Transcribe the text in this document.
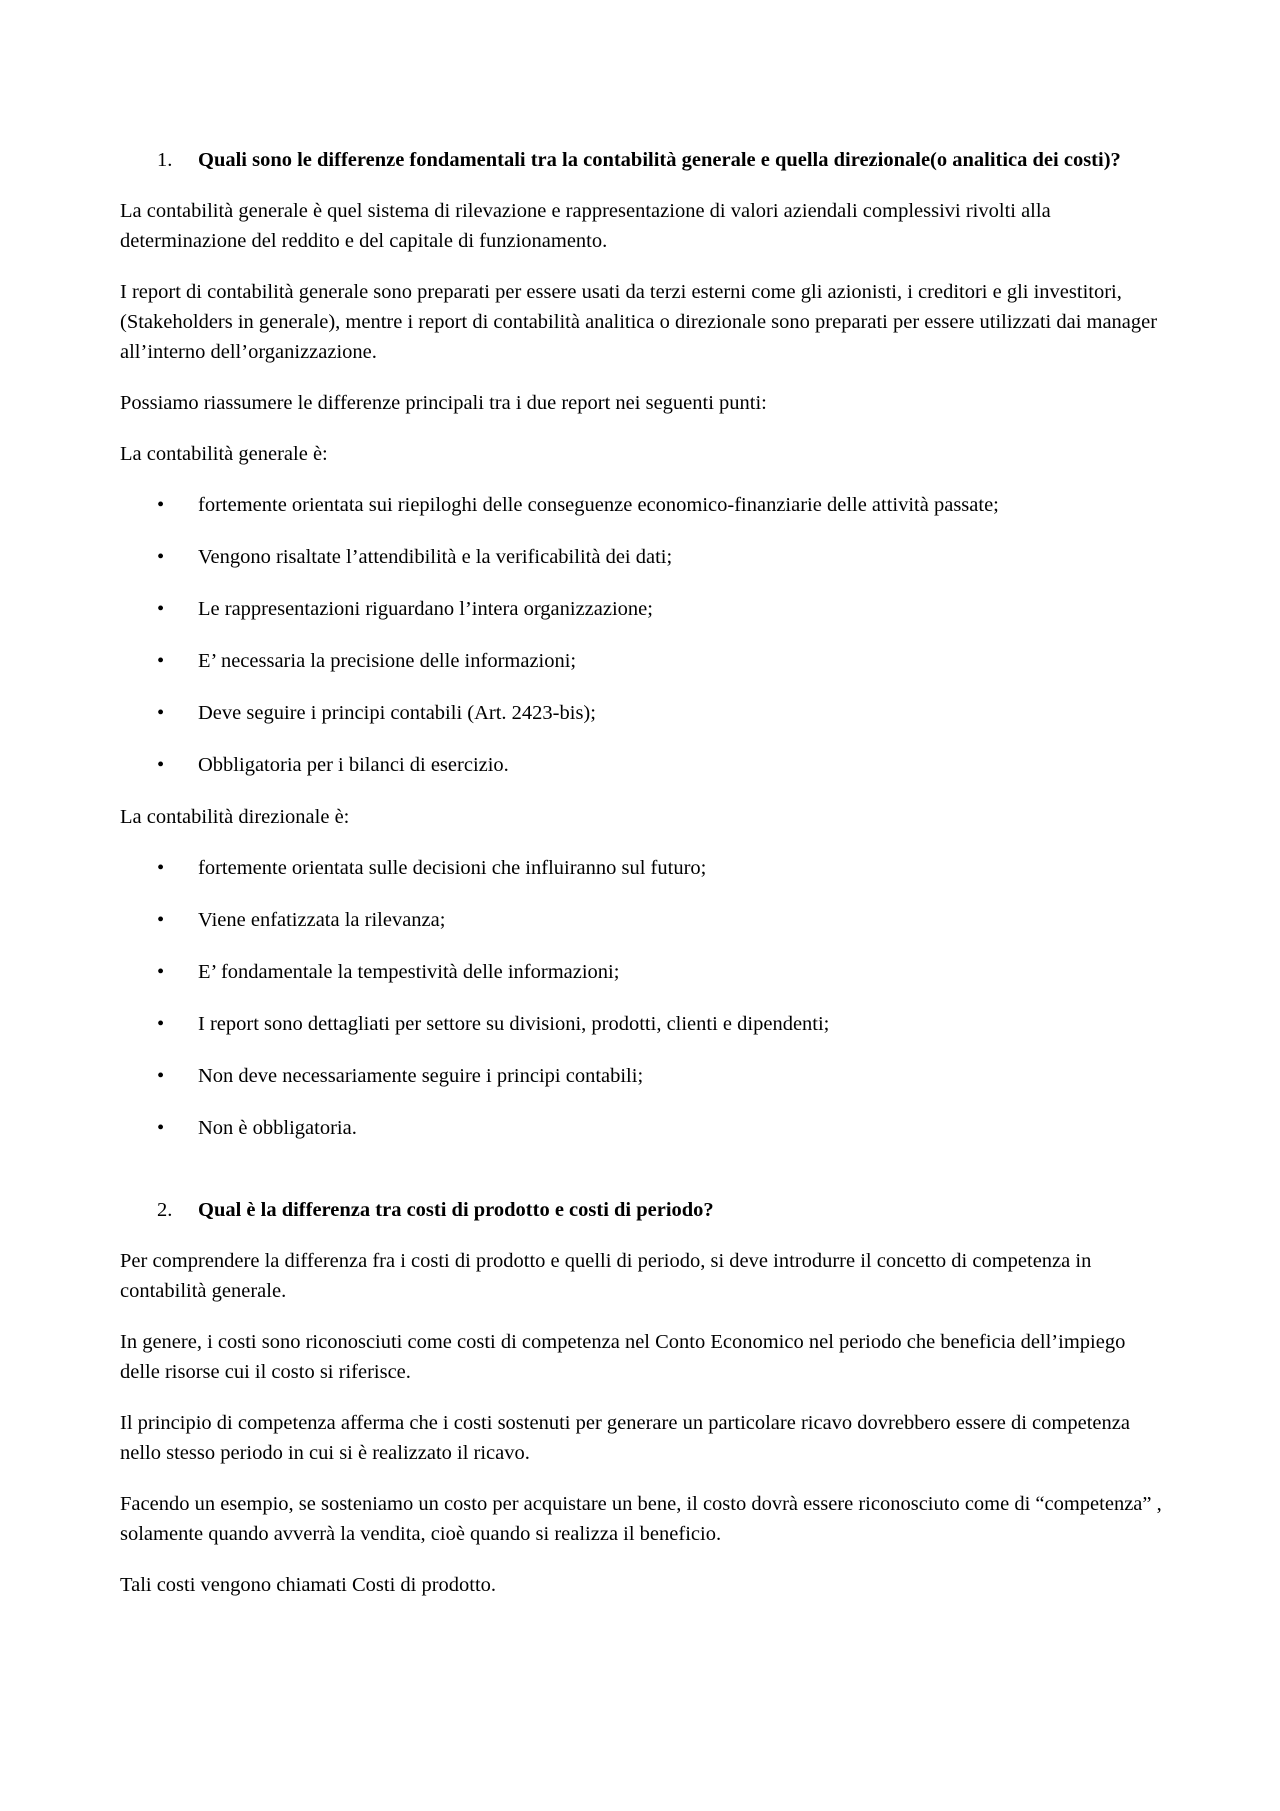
1. Quali sono le differenze fondamentali tra la contabilità generale e quella direzionale(o analitica dei costi)?

La contabilità generale è quel sistema di rilevazione e rappresentazione di valori aziendali complessivi rivolti alla determinazione del reddito e del capitale di funzionamento.

I report di contabilità generale sono preparati per essere usati da terzi esterni come gli azionisti, i creditori e gli investitori, (Stakeholders in generale), mentre i report di contabilità analitica o direzionale sono preparati per essere utilizzati dai manager all’interno dell’organizzazione.

Possiamo riassumere le differenze principali tra i due report nei seguenti punti:

La contabilità generale è:

• fortemente orientata sui riepiloghi delle conseguenze economico-finanziarie delle attività passate;
• Vengono risaltate l’attendibilità e la verificabilità dei dati;
• Le rappresentazioni riguardano l’intera organizzazione;
• E’ necessaria la precisione delle informazioni;
• Deve seguire i principi contabili (Art. 2423-bis);
• Obbligatoria per i bilanci di esercizio.

La contabilità direzionale è:

• fortemente orientata sulle decisioni che influiranno sul futuro;
• Viene enfatizzata la rilevanza;
• E’ fondamentale la tempestività delle informazioni;
• I report sono dettagliati per settore su divisioni, prodotti, clienti e dipendenti;
• Non deve necessariamente seguire i principi contabili;
• Non è obbligatoria.
2. Qual è la differenza tra costi di prodotto e costi di periodo?

Per comprendere la differenza fra i costi di prodotto e quelli di periodo, si deve introdurre il concetto di competenza in contabilità generale.

In genere, i costi sono riconosciuti come costi di competenza nel Conto Economico nel periodo che beneficia dell’impiego delle risorse cui il costo si riferisce.

Il principio di competenza afferma che i costi sostenuti per generare un particolare ricavo dovrebbero essere di competenza nello stesso periodo in cui si è realizzato il ricavo.

Facendo un esempio, se sosteniamo un costo per acquistare un bene, il costo dovrà essere riconosciuto come di “competenza” , solamente quando avverrà la vendita, cioè quando si realizza il beneficio.

Tali costi vengono chiamati Costi di prodotto.
